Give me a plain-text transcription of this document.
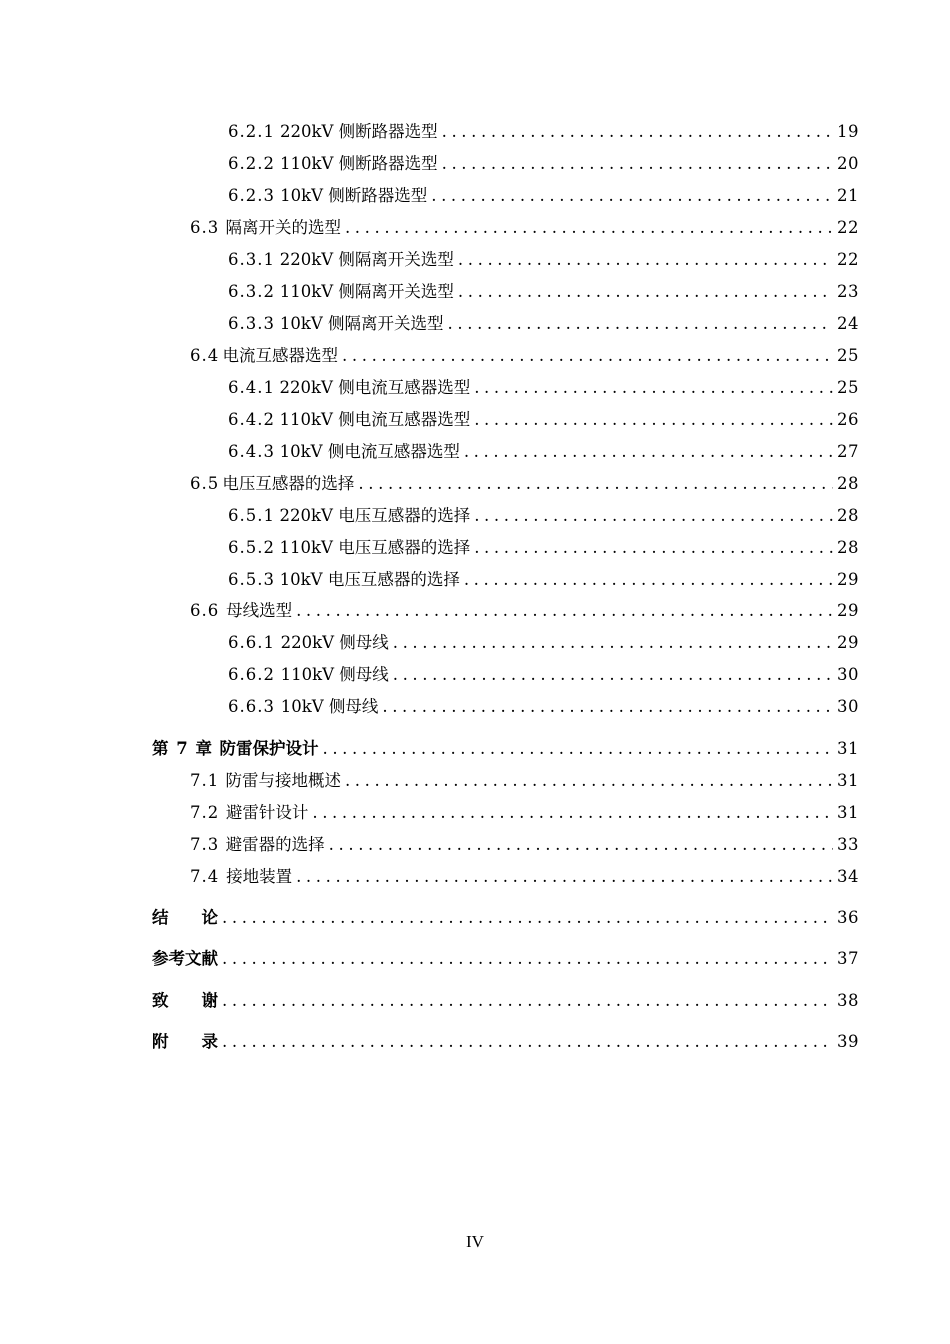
6.2.1 220kV 侧断路器选型 .....	19
6.2.2 110kV 侧断路器选型 .....	20
6.2.3 10kV 侧断路器选型 .....	21
6.3 隔离开关的选型 .....	22
6.3.1 220kV 侧隔离开关选型 .....	22
6.3.2 110kV 侧隔离开关选型 .....	23
6.3.3 10kV 侧隔离开关选型 .....	24
6.4 电流互感器选型 .....	25
6.4.1 220kV 侧电流互感器选型 .....	25
6.4.2 110kV 侧电流互感器选型 .....	26
6.4.3 10kV 侧电流互感器选型 .....	27
6.5 电压互感器的选择 .....	28
6.5.1 220kV 电压互感器的选择 .....	28
6.5.2 110kV 电压互感器的选择 .....	28
6.5.3 10kV 电压互感器的选择 .....	29
6.6 母线选型 .....	29
6.6.1 220kV 侧母线 .....	29
6.6.2 110kV 侧母线 .....	30
6.6.3 10kV 侧母线 .....	30
第 7 章 防雷保护设计 .....	31
7.1 防雷与接地概述 .....	31
7.2 避雷针设计 .....	31
7.3 避雷器的选择 .....	33
7.4 接地装置 .....	34
结　　论 .....	36
参考文献 .....	37
致　　谢 .....	38
附　　录 .....	39
IV
